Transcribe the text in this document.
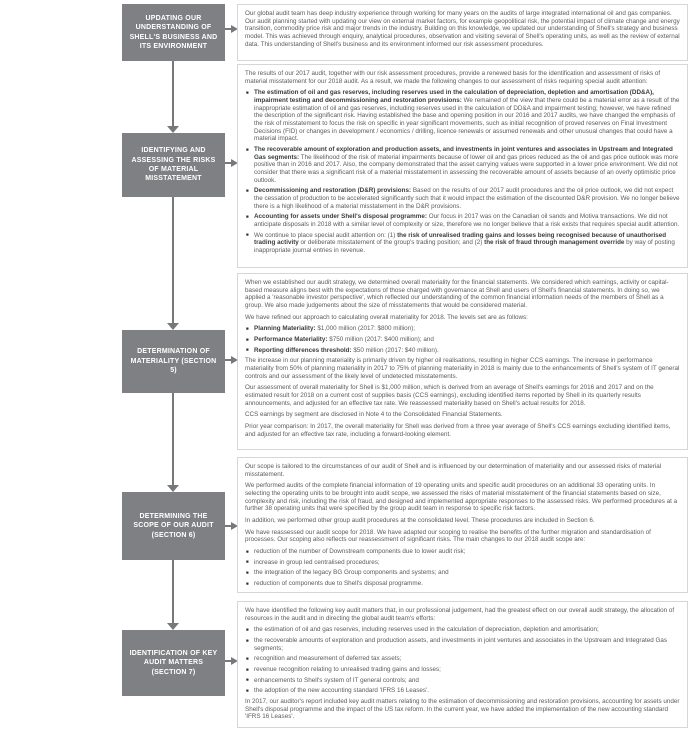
UPDATING OUR UNDERSTANDING OF SHELL'S BUSINESS AND ITS ENVIRONMENT
IDENTIFYING AND ASSESSING THE RISKS OF MATERIAL MISSTATEMENT
DETERMINATION OF MATERIALITY (SECTION 5)
DETERMINING THE SCOPE OF OUR AUDIT (SECTION 6)
IDENTIFICATION OF KEY AUDIT MATTERS (SECTION 7)

Our global audit team has deep industry experience through working for many years on the audits of large integrated international oil and gas companies. Our audit planning started with updating our view on external market factors, for example geopolitical risk, the potential impact of climate change and energy transition, commodity price risk and major trends in the industry. Building on this knowledge, we updated our understanding of Shell's strategy and business model. This was achieved through enquiry, analytical procedures, observation and visiting several of Shell's operating units, as well as the review of external data. This understanding of Shell's business and its environment informed our risk assessment procedures.

The results of our 2017 audit, together with our risk assessment procedures, provide a renewed basis for the identification and assessment of risks of material misstatement for our 2018 audit. As a result, we made the following changes to our assessment of risks requiring special audit attention:

■ The estimation of oil and gas reserves, including reserves used in the calculation of depreciation, depletion and amortisation (DD&A), impairment testing and decommissioning and restoration provisions: We remained of the view that there could be a material error as a result of the inappropriate estimation of oil and gas reserves, including reserves used in the calculation of DD&A and impairment testing; however, we have refined the description of the significant risk. Having established the base and opening position in our 2016 and 2017 audits, we have changed the emphasis of the risk of misstatement to focus the risk on specific in year significant movements, such as initial recognition of proved reserves on Final Investment Decisions (FID) or changes in development / economics / drilling, licence renewals or assumed renewals and other unusual changes that could have a material impact.
■ The recoverable amount of exploration and production assets, and investments in joint ventures and associates in Upstream and Integrated Gas segments: The likelihood of the risk of material impairments because of lower oil and gas prices reduced as the oil and gas price outlook was more positive than in 2016 and 2017. Also, the company demonstrated that the asset carrying values were supported in a lower price environment. We did not consider that there was a significant risk of a material misstatement in assessing the recoverable amount of assets because of an overly optimistic price outlook.
■ Decommissioning and restoration (D&R) provisions: Based on the results of our 2017 audit procedures and the oil price outlook, we did not expect the cessation of production to be accelerated significantly such that it would impact the estimation of the discounted D&R provision. We no longer believe there is a high likelihood of a material misstatement in the D&R provisions.
■ Accounting for assets under Shell's disposal programme: Our focus in 2017 was on the Canadian oil sands and Motiva transactions. We did not anticipate disposals in 2018 with a similar level of complexity or size, therefore we no longer believe that a risk exists that requires special audit attention.
■ We continue to place special audit attention on: (1) the risk of unrealised trading gains and losses being recognised because of unauthorised trading activity or deliberate misstatement of the group's trading position; and (2) the risk of fraud through management override by way of posting inappropriate journal entries in revenue.

When we established our audit strategy, we determined overall materiality for the financial statements. We considered which earnings, activity or capital-based measure aligns best with the expectations of those charged with governance at Shell and users of Shell's financial statements. In doing so, we applied a 'reasonable investor perspective', which reflected our understanding of the common financial information needs of the members of Shell as a group. We also made judgements about the size of misstatements that would be considered material.

We have refined our approach to calculating overall materiality for 2018. The levels set are as follows:

■ Planning Materiality: $1,000 million (2017: $800 million);
■ Performance Materiality: $750 million (2017: $400 million); and
■ Reporting differences threshold: $50 million (2017: $40 million).

The increase in our planning materiality is primarily driven by higher oil realisations, resulting in higher CCS earnings. The increase in performance materiality from 50% of planning materiality in 2017 to 75% of planning materiality in 2018 is mainly due to the enhancements of Shell's system of IT general controls and our assessment of the likely level of undetected misstatements.

Our assessment of overall materiality for Shell is $1,000 million, which is derived from an average of Shell's earnings for 2016 and 2017 and on the estimated result for 2018 on a current cost of supplies basis (CCS earnings), excluding identified items reported by Shell in its quarterly results announcements, and adjusted for an effective tax rate. We reassessed materiality based on Shell's actual results for 2018.

CCS earnings by segment are disclosed in Note 4 to the Consolidated Financial Statements.

Prior year comparison: In 2017, the overall materiality for Shell was derived from a three year average of Shell's CCS earnings excluding identified items, and adjusted for an effective tax rate, including a forward-looking element.

Our scope is tailored to the circumstances of our audit of Shell and is influenced by our determination of materiality and our assessed risks of material misstatement.

We performed audits of the complete financial information of 19 operating units and specific audit procedures on an additional 33 operating units. In selecting the operating units to be brought into audit scope, we assessed the risks of material misstatement of the financial statements based on size, complexity and risk, including the risk of fraud, and designed and implemented appropriate responses to the assessed risks. We performed procedures at a further 38 operating units that were specified by the group audit team in response to specific risk factors.

In addition, we performed other group audit procedures at the consolidated level. These procedures are included in Section 6.

We have reassessed our audit scope for 2018. We have adapted our scoping to realise the benefits of the further migration and standardisation of processes. Our scoping also reflects our reassessment of significant risks. The main changes to our 2018 audit scope are:

■ reduction of the number of Downstream components due to lower audit risk;
■ increase in group led centralised procedures;
■ the integration of the legacy BG Group components and systems; and
■ reduction of components due to Shell's disposal programme.

We have identified the following key audit matters that, in our professional judgement, had the greatest effect on our overall audit strategy, the allocation of resources in the audit and in directing the global audit team's efforts:

■ the estimation of oil and gas reserves, including reserves used in the calculation of depreciation, depletion and amortisation;
■ the recoverable amounts of exploration and production assets, and investments in joint ventures and associates in the Upstream and Integrated Gas segments;
■ recognition and measurement of deferred tax assets;
■ revenue recognition relating to unrealised trading gains and losses;
■ enhancements to Shell's system of IT general controls; and
■ the adoption of the new accounting standard 'IFRS 16 Leases'.

In 2017, our auditor's report included key audit matters relating to the estimation of decommissioning and restoration provisions, accounting for assets under Shell's disposal programme and the impact of the US tax reform. In the current year, we have added the implementation of the new accounting standard 'IFRS 16 Leases'.
